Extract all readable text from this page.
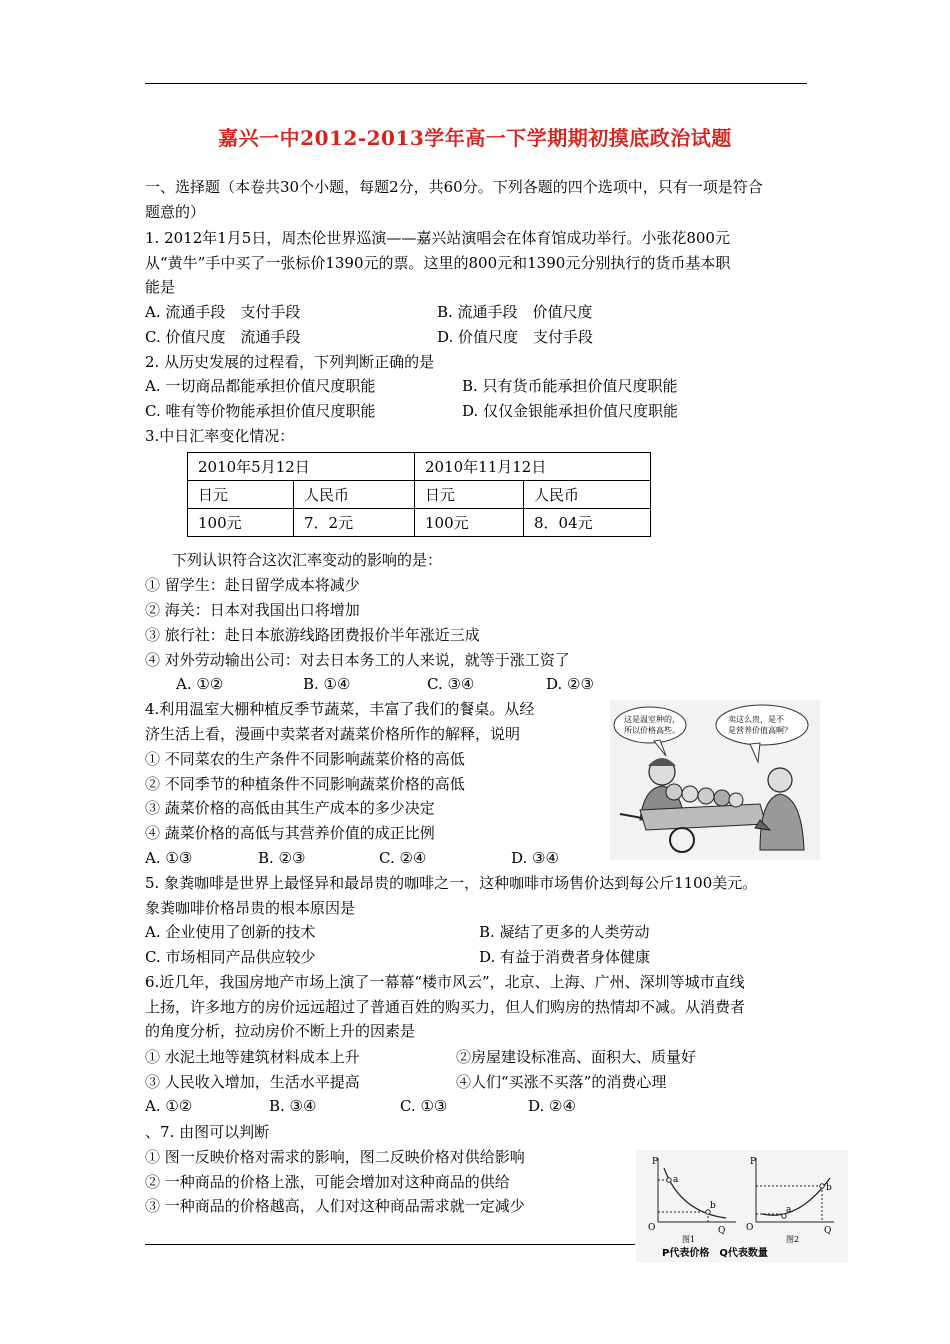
嘉兴一中2012-2013学年高一下学期期初摸底政治试题
一、选择题（本卷共30个小题，每题2分，共60分。下列各题的四个选项中，只有一项是符合
题意的）
1. 2012年1月5日，周杰伦世界巡演——嘉兴站演唱会在体育馆成功举行。小张花800元
从“黄牛”手中买了一张标价1390元的票。这里的800元和1390元分别执行的货币基本职
能是
A. 流通手段　支付手段	B. 流通手段　价值尺度
C. 价值尺度　流通手段	D. 价值尺度　支付手段
2. 从历史发展的过程看，下列判断正确的是
A. 一切商品都能承担价值尺度职能	B. 只有货币能承担价值尺度职能
C. 唯有等价物能承担价值尺度职能	D. 仅仅金银能承担价值尺度职能
3.中日汇率变化情况：
2010年5月12日		2010年11月12日	
日元	人民币	日元	人民币
100元	7．2元	100元	8．04元
下列认识符合这次汇率变动的影响的是：
① 留学生：赴日留学成本将减少
② 海关：日本对我国出口将增加
③ 旅行社：赴日本旅游线路团费报价半年涨近三成
④ 对外劳动输出公司：对去日本务工的人来说，就等于涨工资了
A. ①②	B. ①④	C. ③④	D. ②③
4.利用温室大棚种植反季节蔬菜，丰富了我们的餐桌。从经
济生活上看，漫画中卖菜者对蔬菜价格所作的解释，说明
① 不同菜农的生产条件不同影响蔬菜价格的高低
② 不同季节的种植条件不同影响蔬菜价格的高低
③ 蔬菜价格的高低由其生产成本的多少决定
④ 蔬菜价格的高低与其营养价值的成正比例
A. ①③	B. ②③	C. ②④	D. ③④
这是温室种的，
所以价格高些。
卖这么贵，是不
是营养价值高啊？
5. 象粪咖啡是世界上最怪异和最昂贵的咖啡之一，这种咖啡市场售价达到每公斤1100美元。
象粪咖啡价格昂贵的根本原因是
A. 企业使用了创新的技术	B. 凝结了更多的人类劳动
C. 市场相同产品供应较少	D. 有益于消费者身体健康
6.近几年，我国房地产市场上演了一幕幕“楼市风云”，北京、上海、广州、深圳等城市直线
上扬，许多地方的房价远远超过了普通百姓的购买力，但人们购房的热情却不减。从消费者
的角度分析，拉动房价不断上升的因素是
① 水泥土地等建筑材料成本上升	②房屋建设标准高、面积大、质量好
③ 人民收入增加，生活水平提高	④人们“买涨不买落”的消费心理
A. ①②	B. ③④	C. ①③	D. ②④
、7. 由图可以判断
① 图一反映价格对需求的影响，图二反映价格对供给影响
② 一种商品的价格上涨，可能会增加对这种商品的供给
③ 一种商品的价格越高，人们对这种商品需求就一定减少
P
O	Q
a
b
图1
P
O	Q
a
b
图2
P代表价格　Q代表数量
